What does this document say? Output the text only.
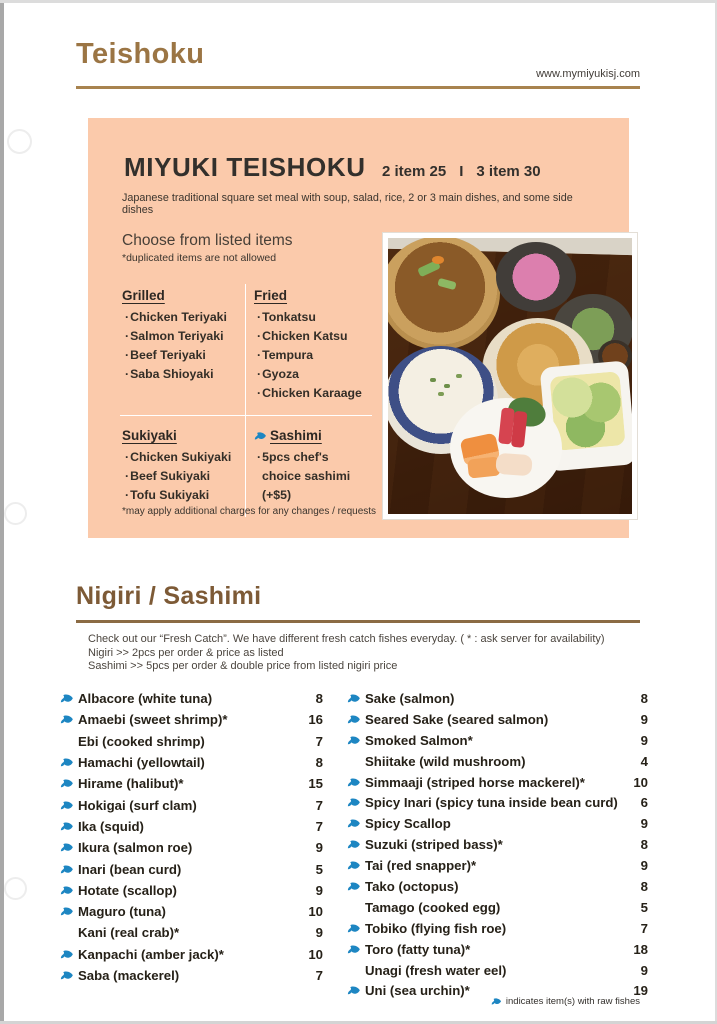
Teishoku
www.mymiyukisj.com
MIYUKI TEISHOKU 2 item 25 I 3 item 30
Japanese traditional square set meal with soup, salad, rice, 2 or 3 main dishes, and some side dishes
Choose from listed items
*duplicated items are not allowed
Grilled
· Chicken Teriyaki
· Salmon Teriyaki
· Beef Teriyaki
· Saba Shioyaki
Fried
· Tonkatsu
· Chicken Katsu
· Tempura
· Gyoza
· Chicken Karaage
Sukiyaki
· Chicken Sukiyaki
· Beef Sukiyaki
· Tofu Sukiyaki
Sashimi
· 5pcs chef's choice sashimi (+$5)
*may apply additional charges for any changes / requests
Nigiri / Sashimi
Check out our “Fresh Catch”. We have different fresh catch fishes everyday. ( * : ask server for availability)
Nigiri >> 2pcs per order & price as listed
Sashimi >> 5pcs per order & double price from listed nigiri price
Albacore (white tuna)	8
Amaebi (sweet shrimp)*	16
Ebi (cooked shrimp)	7
Hamachi (yellowtail)	8
Hirame (halibut)*	15
Hokigai (surf clam)	7
Ika (squid)	7
Ikura (salmon roe)	9
Inari (bean curd)	5
Hotate (scallop)	9
Maguro (tuna)	10
Kani (real crab)*	9
Kanpachi (amber jack)*	10
Saba (mackerel)	7
Sake (salmon)	8
Seared Sake (seared salmon)	9
Smoked Salmon*	9
Shiitake (wild mushroom)	4
Simmaaji (striped horse mackerel)*	10
Spicy Inari (spicy tuna inside bean curd)	6
Spicy Scallop	9
Suzuki (striped bass)*	8
Tai (red snapper)*	9
Tako (octopus)	8
Tamago (cooked egg)	5
Tobiko (flying fish roe)	7
Toro (fatty tuna)*	18
Unagi (fresh water eel)	9
Uni (sea urchin)*	19
indicates item(s) with raw fishes
